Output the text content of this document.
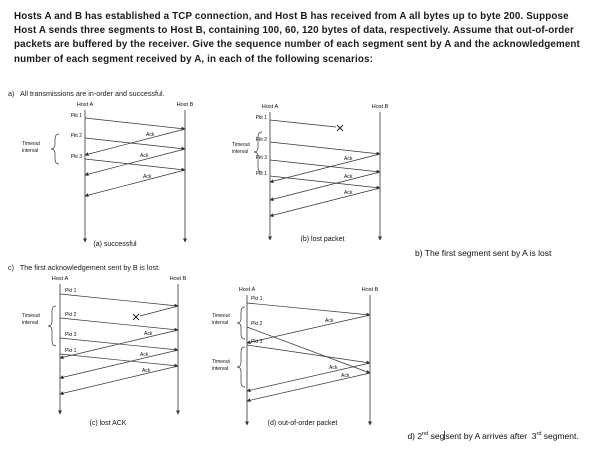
Hosts A and B has established a TCP connection, and Host B has received from A all bytes up to byte 200. Suppose Host A sends three segments to Host B, containing 100, 60, 120 bytes of data, respectively. Assume that out-of-order packets are buffered by the receiver. Give the sequence number of each segment sent by A and the acknowledgement number of each segment received by A, in each of the following scenarios:
a)   All transmissions are in-order and successful.
Host A	Host B
Pkt 1
Pkt 2
Pkt 3
Ack
Ack
Ack
Timeout
interval
(a) successful
Host A	Host B
Pkt 1
Pkt 2
Pkt 3
Pkt 1
Ack
Ack
Ack
Timeout
interval
(b) lost packet
b) The first segment sent by A is lost
c)   The first acknowledgement sent by B is lost.
Host A	Host B
Pkt 1
Pkt 2
Pkt 3
Pkt 1
Ack
Ack
Ack
Timeout
interval
(c) lost ACK
Host A	Host B
Pkt 1
Pkt 2
Pkt 3
Ack
Ack
Ack
Timeout
interval
Timeout
interval
(d) out-of-order packet

d) 2nd segsent by A arrives after  3rd segment.
